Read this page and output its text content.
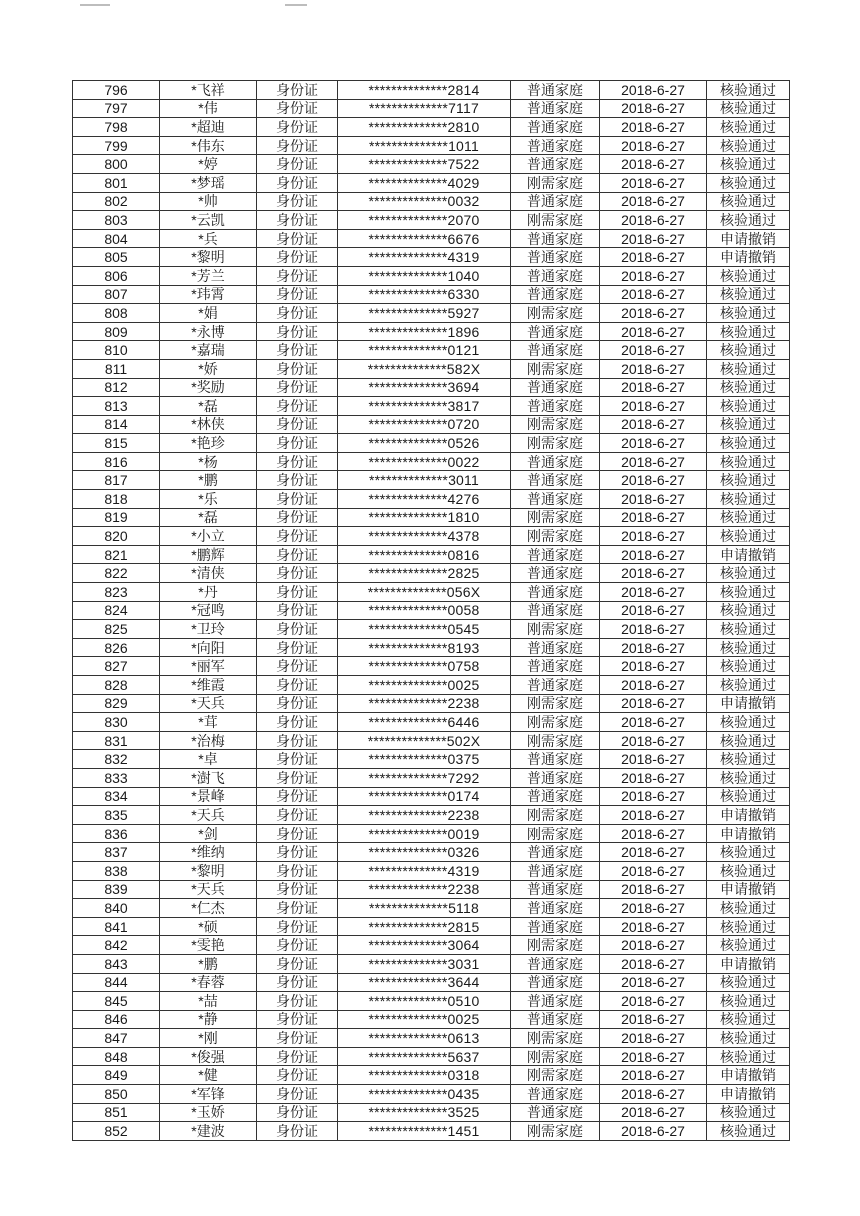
796	*飞祥	身份证	**************2814	普通家庭	2018-6-27	核验通过
797	*伟	身份证	**************7117	普通家庭	2018-6-27	核验通过
798	*超迪	身份证	**************2810	普通家庭	2018-6-27	核验通过
799	*伟东	身份证	**************1011	普通家庭	2018-6-27	核验通过
800	*婷	身份证	**************7522	普通家庭	2018-6-27	核验通过
801	*梦瑶	身份证	**************4029	刚需家庭	2018-6-27	核验通过
802	*帅	身份证	**************0032	普通家庭	2018-6-27	核验通过
803	*云凯	身份证	**************2070	刚需家庭	2018-6-27	核验通过
804	*兵	身份证	**************6676	普通家庭	2018-6-27	申请撤销
805	*黎明	身份证	**************4319	普通家庭	2018-6-27	申请撤销
806	*芳兰	身份证	**************1040	普通家庭	2018-6-27	核验通过
807	*玮霄	身份证	**************6330	普通家庭	2018-6-27	核验通过
808	*娟	身份证	**************5927	刚需家庭	2018-6-27	核验通过
809	*永博	身份证	**************1896	普通家庭	2018-6-27	核验通过
810	*嘉瑞	身份证	**************0121	普通家庭	2018-6-27	核验通过
811	*娇	身份证	**************582X	刚需家庭	2018-6-27	核验通过
812	*奖励	身份证	**************3694	普通家庭	2018-6-27	核验通过
813	*磊	身份证	**************3817	普通家庭	2018-6-27	核验通过
814	*林侠	身份证	**************0720	刚需家庭	2018-6-27	核验通过
815	*艳珍	身份证	**************0526	刚需家庭	2018-6-27	核验通过
816	*杨	身份证	**************0022	普通家庭	2018-6-27	核验通过
817	*鹏	身份证	**************3011	普通家庭	2018-6-27	核验通过
818	*乐	身份证	**************4276	普通家庭	2018-6-27	核验通过
819	*磊	身份证	**************1810	刚需家庭	2018-6-27	核验通过
820	*小立	身份证	**************4378	刚需家庭	2018-6-27	核验通过
821	*鹏辉	身份证	**************0816	普通家庭	2018-6-27	申请撤销
822	*清侠	身份证	**************2825	普通家庭	2018-6-27	核验通过
823	*丹	身份证	**************056X	普通家庭	2018-6-27	核验通过
824	*冠鸣	身份证	**************0058	普通家庭	2018-6-27	核验通过
825	*卫玲	身份证	**************0545	刚需家庭	2018-6-27	核验通过
826	*向阳	身份证	**************8193	普通家庭	2018-6-27	核验通过
827	*丽军	身份证	**************0758	普通家庭	2018-6-27	核验通过
828	*维霞	身份证	**************0025	普通家庭	2018-6-27	核验通过
829	*天兵	身份证	**************2238	刚需家庭	2018-6-27	申请撤销
830	*茸	身份证	**************6446	刚需家庭	2018-6-27	核验通过
831	*治梅	身份证	**************502X	刚需家庭	2018-6-27	核验通过
832	*卓	身份证	**************0375	普通家庭	2018-6-27	核验通过
833	*澍飞	身份证	**************7292	普通家庭	2018-6-27	核验通过
834	*景峰	身份证	**************0174	普通家庭	2018-6-27	核验通过
835	*天兵	身份证	**************2238	刚需家庭	2018-6-27	申请撤销
836	*剑	身份证	**************0019	刚需家庭	2018-6-27	申请撤销
837	*维纳	身份证	**************0326	普通家庭	2018-6-27	核验通过
838	*黎明	身份证	**************4319	普通家庭	2018-6-27	核验通过
839	*天兵	身份证	**************2238	普通家庭	2018-6-27	申请撤销
840	*仁杰	身份证	**************5118	普通家庭	2018-6-27	核验通过
841	*硕	身份证	**************2815	普通家庭	2018-6-27	核验通过
842	*雯艳	身份证	**************3064	刚需家庭	2018-6-27	核验通过
843	*鹏	身份证	**************3031	普通家庭	2018-6-27	申请撤销
844	*春蓉	身份证	**************3644	普通家庭	2018-6-27	核验通过
845	*喆	身份证	**************0510	普通家庭	2018-6-27	核验通过
846	*静	身份证	**************0025	普通家庭	2018-6-27	核验通过
847	*刚	身份证	**************0613	刚需家庭	2018-6-27	核验通过
848	*俊强	身份证	**************5637	刚需家庭	2018-6-27	核验通过
849	*健	身份证	**************0318	刚需家庭	2018-6-27	申请撤销
850	*军锋	身份证	**************0435	普通家庭	2018-6-27	申请撤销
851	*玉娇	身份证	**************3525	普通家庭	2018-6-27	核验通过
852	*建波	身份证	**************1451	刚需家庭	2018-6-27	核验通过
